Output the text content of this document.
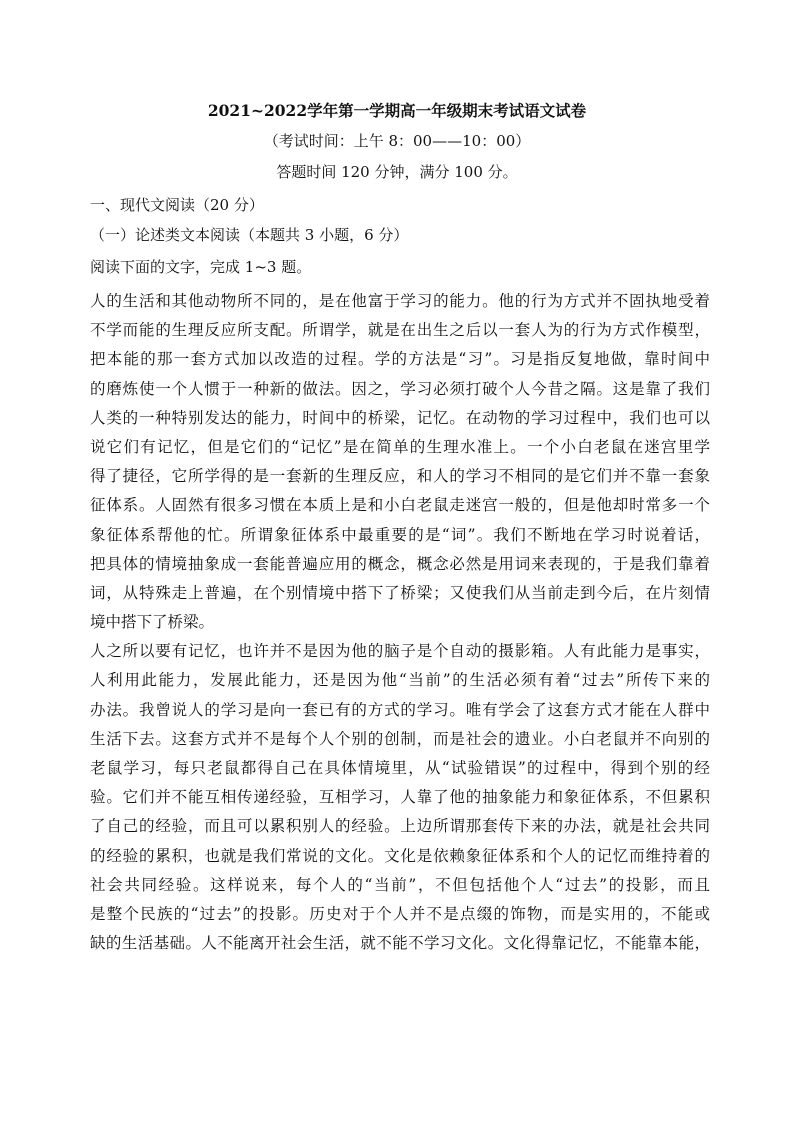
2021~2022学年第一学期高一年级期末考试语文试卷
（考试时间：上午 8：00——10：00）
答题时间 120 分钟，满分 100 分。
一、现代文阅读（20 分）
（一）论述类文本阅读（本题共 3 小题，6 分）
阅读下面的文字，完成 1~3 题。
人的生活和其他动物所不同的，是在他富于学习的能力。他的行为方式并不固执地受着
不学而能的生理反应所支配。所谓学，就是在出生之后以一套人为的行为方式作模型，
把本能的那一套方式加以改造的过程。学的方法是“习”。习是指反复地做，靠时间中
的磨炼使一个人惯于一种新的做法。因之，学习必须打破个人今昔之隔。这是靠了我们
人类的一种特别发达的能力，时间中的桥梁，记忆。在动物的学习过程中，我们也可以
说它们有记忆，但是它们的“记忆”是在简单的生理水准上。一个小白老鼠在迷宫里学
得了捷径，它所学得的是一套新的生理反应，和人的学习不相同的是它们并不靠一套象
征体系。人固然有很多习惯在本质上是和小白老鼠走迷宫一般的，但是他却时常多一个
象征体系帮他的忙。所谓象征体系中最重要的是“词”。我们不断地在学习时说着话，
把具体的情境抽象成一套能普遍应用的概念，概念必然是用词来表现的，于是我们靠着
词，从特殊走上普遍，在个别情境中搭下了桥梁；又使我们从当前走到今后，在片刻情
境中搭下了桥梁。
人之所以要有记忆，也许并不是因为他的脑子是个自动的摄影箱。人有此能力是事实，
人利用此能力，发展此能力，还是因为他“当前”的生活必须有着“过去”所传下来的
办法。我曾说人的学习是向一套已有的方式的学习。唯有学会了这套方式才能在人群中
生活下去。这套方式并不是每个人个别的创制，而是社会的遗业。小白老鼠并不向别的
老鼠学习，每只老鼠都得自己在具体情境里，从“试验错误”的过程中，得到个别的经
验。它们并不能互相传递经验，互相学习，人靠了他的抽象能力和象征体系，不但累积
了自己的经验，而且可以累积别人的经验。上边所谓那套传下来的办法，就是社会共同
的经验的累积，也就是我们常说的文化。文化是依赖象征体系和个人的记忆而维持着的
社会共同经验。这样说来，每个人的“当前”，不但包括他个人“过去”的投影，而且
是整个民族的“过去”的投影。历史对于个人并不是点缀的饰物，而是实用的，不能或
缺的生活基础。人不能离开社会生活，就不能不学习文化。文化得靠记忆，不能靠本能，
